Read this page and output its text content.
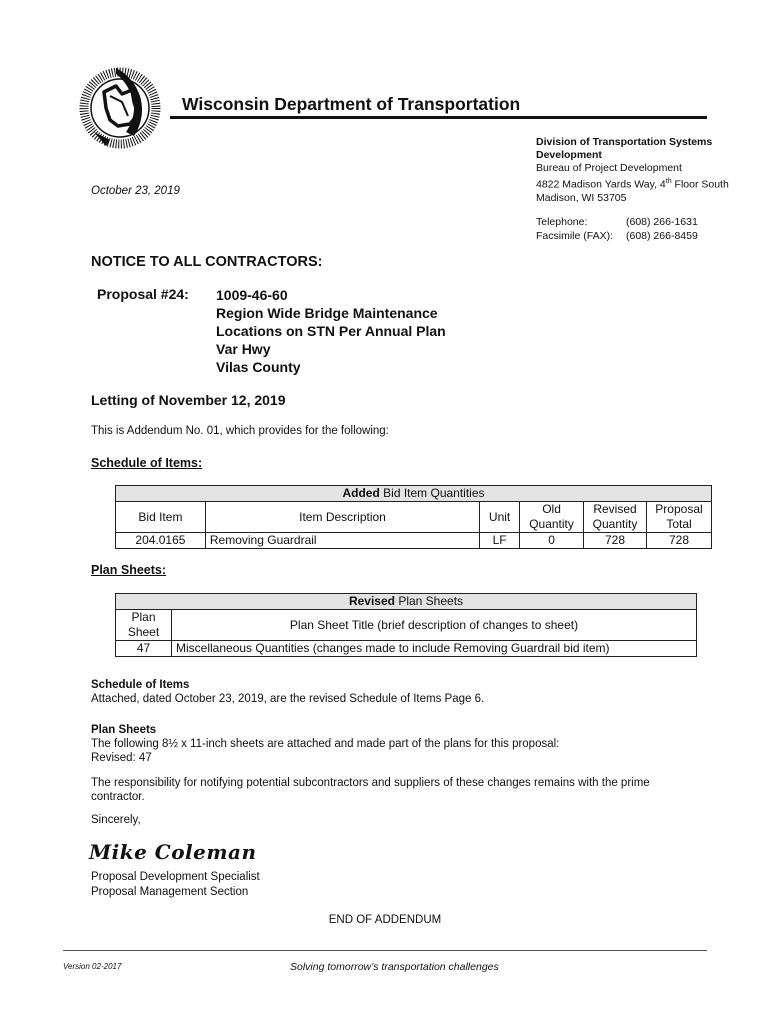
Wisconsin Department of Transportation
Division of Transportation Systems
Development
Bureau of Project Development
4822 Madison Yards Way, 4th Floor South
Madison, WI 53705
Telephone:	(608) 266-1631
Facsimile (FAX): (608) 266-8459
October 23, 2019
NOTICE TO ALL CONTRACTORS:
Proposal #24: 1009-46-60
Region Wide Bridge Maintenance
Locations on STN Per Annual Plan
Var Hwy
Vilas County
Letting of November 12, 2019
This is Addendum No. 01, which provides for the following:
Schedule of Items:
Added Bid Item Quantities					
Bid Item	Item Description	Unit	Old Quantity	Revised Quantity	Proposal Total
204.0165	Removing Guardrail	LF	0	728	728
Plan Sheets:
Revised Plan Sheets	
Plan Sheet	Plan Sheet Title (brief description of changes to sheet)
47	Miscellaneous Quantities (changes made to include Removing Guardrail bid item)
Schedule of Items
Attached, dated October 23, 2019, are the revised Schedule of Items Page 6.
Plan Sheets
The following 8½ x 11-inch sheets are attached and made part of the plans for this proposal:
Revised: 47
The responsibility for notifying potential subcontractors and suppliers of these changes remains with the prime contractor.
Sincerely,
Mike Coleman
Proposal Development Specialist
Proposal Management Section
END OF ADDENDUM
Version 02-2017	Solving tomorrow’s transportation challenges
